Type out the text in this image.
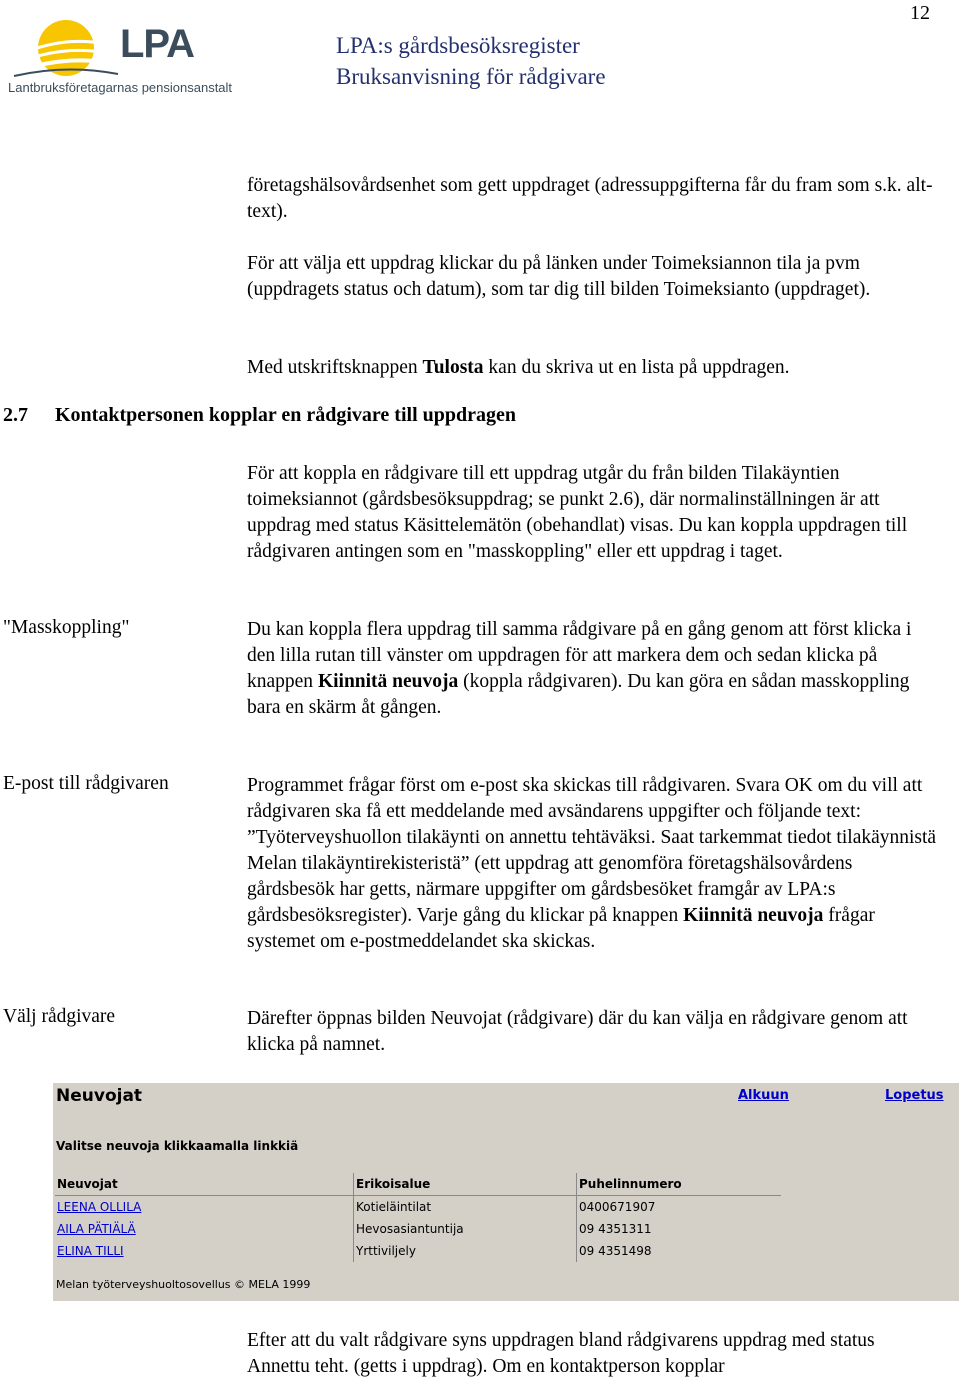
12
LPA
Lantbruksföretagarnas pensionsanstalt
LPA:s gårdsbesöksregister
Bruksanvisning för rådgivare

företagshälsovårdsenhet som gett uppdraget (adressuppgifterna får du fram som s.k. alt-text).

För att välja ett uppdrag klickar du på länken under Toimeksiannon tila ja pvm (uppdragets status och datum), som tar dig till bilden Toimeksianto (uppdraget).

Med utskriftsknappen Tulosta kan du skriva ut en lista på uppdragen.

2.7 Kontaktpersonen kopplar en rådgivare till uppdragen

För att koppla en rådgivare till ett uppdrag utgår du från bilden Tilakäyntien toimeksiannot (gårdsbesöksuppdrag; se punkt 2.6), där normalinställningen är att uppdrag med status Käsittelemätön (obehandlat) visas. Du kan koppla uppdragen till rådgivaren antingen som en "masskoppling" eller ett uppdrag i taget.

"Masskoppling"	Du kan koppla flera uppdrag till samma rådgivare på en gång genom att först klicka i den lilla rutan till vänster om uppdragen för att markera dem och sedan klicka på knappen Kiinnitä neuvoja (koppla rådgivaren). Du kan göra en sådan masskoppling bara en skärm åt gången.

E-post till rådgivaren	Programmet frågar först om e-post ska skickas till rådgivaren. Svara OK om du vill att rådgivaren ska få ett meddelande med avsändarens uppgifter och följande text: ”Työterveyshuollon tilakäynti on annettu tehtäväksi. Saat tarkemmat tiedot tilakäynnistä Melan tilakäyntirekisteristä” (ett uppdrag att genomföra företagshälsovårdens gårdsbesök har getts, närmare uppgifter om gårdsbesöket framgår av LPA:s gårdsbesöksregister). Varje gång du klickar på knappen Kiinnitä neuvoja frågar systemet om e-postmeddelandet ska skickas.

Välj rådgivare	Därefter öppnas bilden Neuvojat (rådgivare) där du kan välja en rådgivare genom att klicka på namnet.

Neuvojat	Alkuun	Lopetus
Valitse neuvoja klikkaamalla linkkiä
Neuvojat	Erikoisalue	Puhelinnumero
LEENA OLLILA	Kotieläintilat	0400671907
AILA PÄTIÄLÄ	Hevosasiantuntija	09 4351311
ELINA TILLI	Yrttiviljely	09 4351498
Melan työterveyshuoltosovellus © MELA 1999

Efter att du valt rådgivare syns uppdragen bland rådgivarens uppdrag med status Annettu teht. (getts i uppdrag). Om en kontaktperson kopplar
